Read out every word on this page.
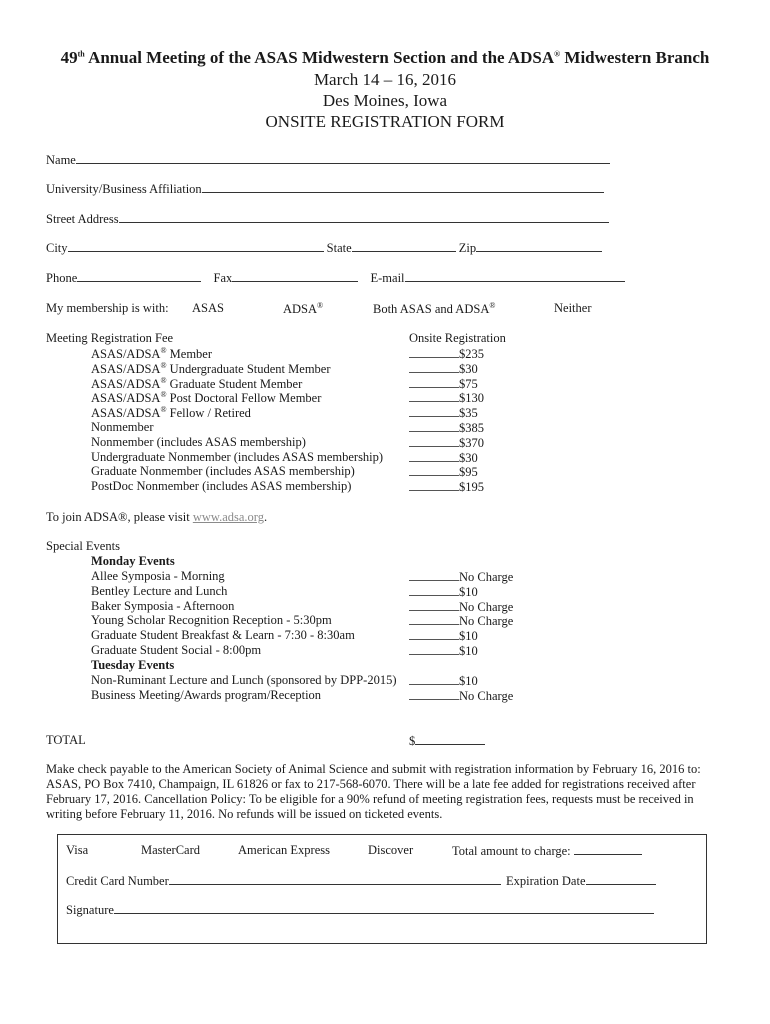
49th Annual Meeting of the ASAS Midwestern Section and the ADSA® Midwestern Branch
March 14 – 16, 2016
Des Moines, Iowa
ONSITE REGISTRATION FORM
Name
University/Business Affiliation
Street Address
City	State	Zip
Phone	Fax	E-mail
My membership is with: ASAS	ADSA®	Both ASAS and ADSA®	Neither
Meeting Registration Fee	Onsite Registration
ASAS/ADSA® Member	$235
ASAS/ADSA® Undergraduate Student Member	$30
ASAS/ADSA® Graduate Student Member	$75
ASAS/ADSA® Post Doctoral Fellow Member	$130
ASAS/ADSA® Fellow / Retired	$35
Nonmember	$385
Nonmember (includes ASAS membership)	$370
Undergraduate Nonmember (includes ASAS membership)	$30
Graduate Nonmember (includes ASAS membership)	$95
PostDoc Nonmember (includes ASAS membership)	$195
To join ADSA®, please visit www.adsa.org.
Special Events
Monday Events
Allee Symposia - Morning	No Charge
Bentley Lecture and Lunch	$10
Baker Symposia - Afternoon	No Charge
Young Scholar Recognition Reception - 5:30pm	No Charge
Graduate Student Breakfast & Learn - 7:30 - 8:30am	$10
Graduate Student Social - 8:00pm	$10
Tuesday Events
Non-Ruminant Lecture and Lunch (sponsored by DPP-2015)	$10
Business Meeting/Awards program/Reception	No Charge
TOTAL	$
Make check payable to the American Society of Animal Science and submit with registration information by February 16, 2016 to:
ASAS, PO Box 7410, Champaign, IL 61826 or fax to 217-568-6070. There will be a late fee added for registrations received after
February 17, 2016. Cancellation Policy: To be eligible for a 90% refund of meeting registration fees, requests must be received in
writing before February 11, 2016. No refunds will be issued on ticketed events.
Visa	MasterCard	American Express	Discover	Total amount to charge:
Credit Card Number	Expiration Date
Signature
